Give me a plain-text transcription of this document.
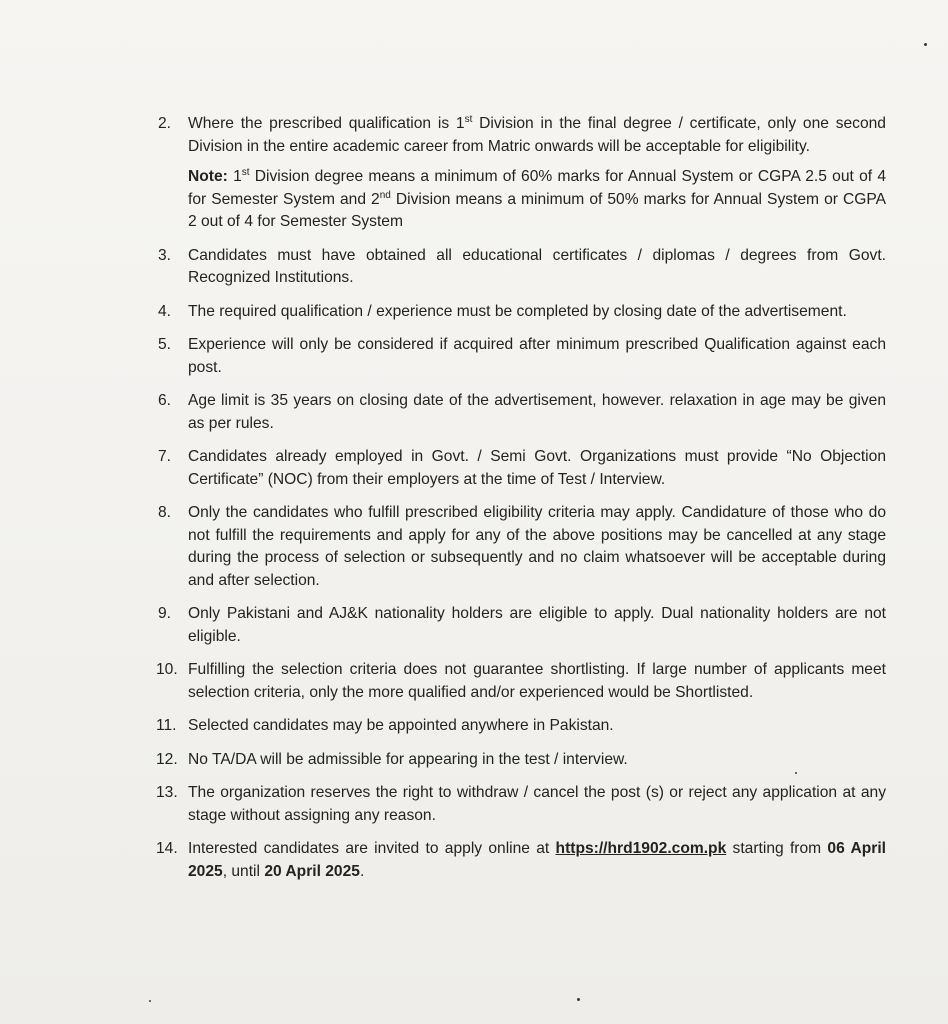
2.	Where the prescribed qualification is 1st Division in the final degree / certificate, only one second Division in the entire academic career from Matric onwards will be acceptable for eligibility.
Note: 1st Division degree means a minimum of 60% marks for Annual System or CGPA 2.5 out of 4 for Semester System and 2nd Division means a minimum of 50% marks for Annual System or CGPA 2 out of 4 for Semester System
3.	Candidates must have obtained all educational certificates / diplomas / degrees from Govt. Recognized Institutions.
4.	The required qualification / experience must be completed by closing date of the advertisement.
5.	Experience will only be considered if acquired after minimum prescribed Qualification against each post.
6.	Age limit is 35 years on closing date of the advertisement, however. relaxation in age may be given as per rules.
7.	Candidates already employed in Govt. / Semi Govt. Organizations must provide “No Objection Certificate” (NOC) from their employers at the time of Test / Interview.
8.	Only the candidates who fulfill prescribed eligibility criteria may apply. Candidature of those who do not fulfill the requirements and apply for any of the above positions may be cancelled at any stage during the process of selection or subsequently and no claim whatsoever will be acceptable during and after selection.
9.	Only Pakistani and AJ&K nationality holders are eligible to apply. Dual nationality holders are not eligible.
10. Fulfilling the selection criteria does not guarantee shortlisting. If large number of applicants meet selection criteria, only the more qualified and/or experienced would be Shortlisted.
11. Selected candidates may be appointed anywhere in Pakistan.
12. No TA/DA will be admissible for appearing in the test / interview.
13. The organization reserves the right to withdraw / cancel the post (s) or reject any application at any stage without assigning any reason.
14. Interested candidates are invited to apply online at https://hrd1902.com.pk starting from 06 April 2025, until 20 April 2025.
